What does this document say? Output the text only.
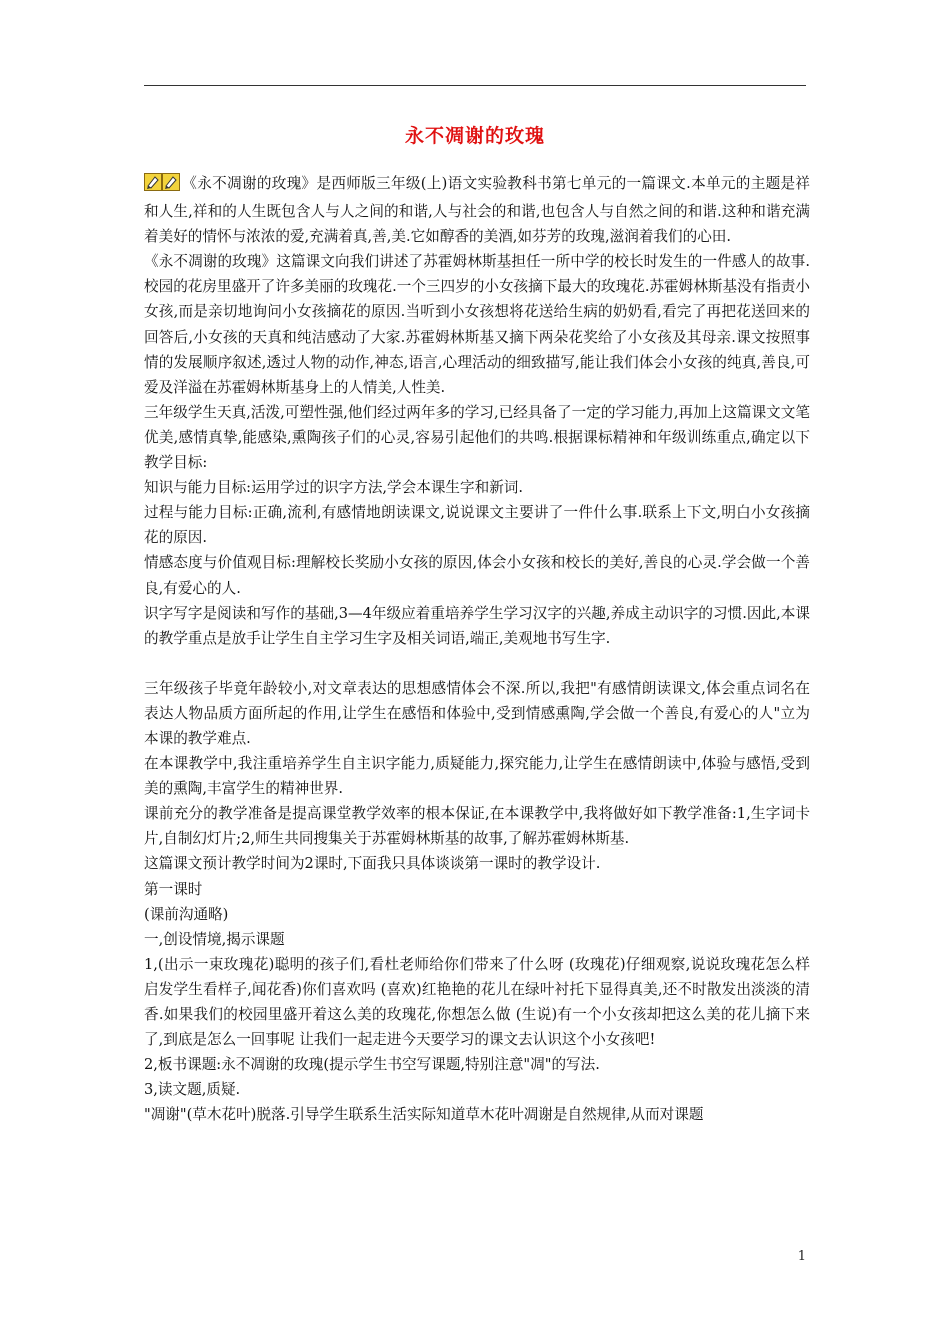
永不凋谢的玫瑰

《永不凋谢的玫瑰》是西师版三年级(上)语文实验教科书第七单元的一篇课文.本单元的主题是祥和人生,祥和的人生既包含人与人之间的和谐,人与社会的和谐,也包含人与自然之间的和谐.这种和谐充满着美好的情怀与浓浓的爱,充满着真,善,美.它如醇香的美酒,如芬芳的玫瑰,滋润着我们的心田.

《永不凋谢的玫瑰》这篇课文向我们讲述了苏霍姆林斯基担任一所中学的校长时发生的一件感人的故事.校园的花房里盛开了许多美丽的玫瑰花.一个三四岁的小女孩摘下最大的玫瑰花.苏霍姆林斯基没有指责小女孩,而是亲切地询问小女孩摘花的原因.当听到小女孩想将花送给生病的奶奶看,看完了再把花送回来的回答后,小女孩的天真和纯洁感动了大家.苏霍姆林斯基又摘下两朵花奖给了小女孩及其母亲.课文按照事情的发展顺序叙述,透过人物的动作,神态,语言,心理活动的细致描写,能让我们体会小女孩的纯真,善良,可爱及洋溢在苏霍姆林斯基身上的人情美,人性美.

三年级学生天真,活泼,可塑性强,他们经过两年多的学习,已经具备了一定的学习能力,再加上这篇课文文笔优美,感情真挚,能感染,熏陶孩子们的心灵,容易引起他们的共鸣.根据课标精神和年级训练重点,确定以下教学目标:

知识与能力目标:运用学过的识字方法,学会本课生字和新词.

过程与能力目标:正确,流利,有感情地朗读课文,说说课文主要讲了一件什么事.联系上下文,明白小女孩摘花的原因.

情感态度与价值观目标:理解校长奖励小女孩的原因,体会小女孩和校长的美好,善良的心灵.学会做一个善良,有爱心的人.

识字写字是阅读和写作的基础,3—4年级应着重培养学生学习汉字的兴趣,养成主动识字的习惯.因此,本课的教学重点是放手让学生自主学习生字及相关词语,端正,美观地书写生字.

三年级孩子毕竟年龄较小,对文章表达的思想感情体会不深.所以,我把"有感情朗读课文,体会重点词名在表达人物品质方面所起的作用,让学生在感悟和体验中,受到情感熏陶,学会做一个善良,有爱心的人"立为本课的教学难点.

在本课教学中,我注重培养学生自主识字能力,质疑能力,探究能力,让学生在感情朗读中,体验与感悟,受到美的熏陶,丰富学生的精神世界.

课前充分的教学准备是提高课堂教学效率的根本保证,在本课教学中,我将做好如下教学准备:1,生字词卡片,自制幻灯片;2,师生共同搜集关于苏霍姆林斯基的故事,了解苏霍姆林斯基.

这篇课文预计教学时间为2课时,下面我只具体谈谈第一课时的教学设计.

第一课时

(课前沟通略)

一,创设情境,揭示课题

1,(出示一束玫瑰花)聪明的孩子们,看杜老师给你们带来了什么呀 (玫瑰花)仔细观察,说说玫瑰花怎么样 启发学生看样子,闻花香)你们喜欢吗 (喜欢)红艳艳的花儿在绿叶衬托下显得真美,还不时散发出淡淡的清香.如果我们的校园里盛开着这么美的玫瑰花,你想怎么做 (生说)有一个小女孩却把这么美的花儿摘下来了,到底是怎么一回事呢 让我们一起走进今天要学习的课文去认识这个小女孩吧!

2,板书课题:永不凋谢的玫瑰(提示学生书空写课题,特别注意"凋"的写法.

3,读文题,质疑.

"凋谢"(草木花叶)脱落.引导学生联系生活实际知道草木花叶凋谢是自然规律,从而对课题

1
